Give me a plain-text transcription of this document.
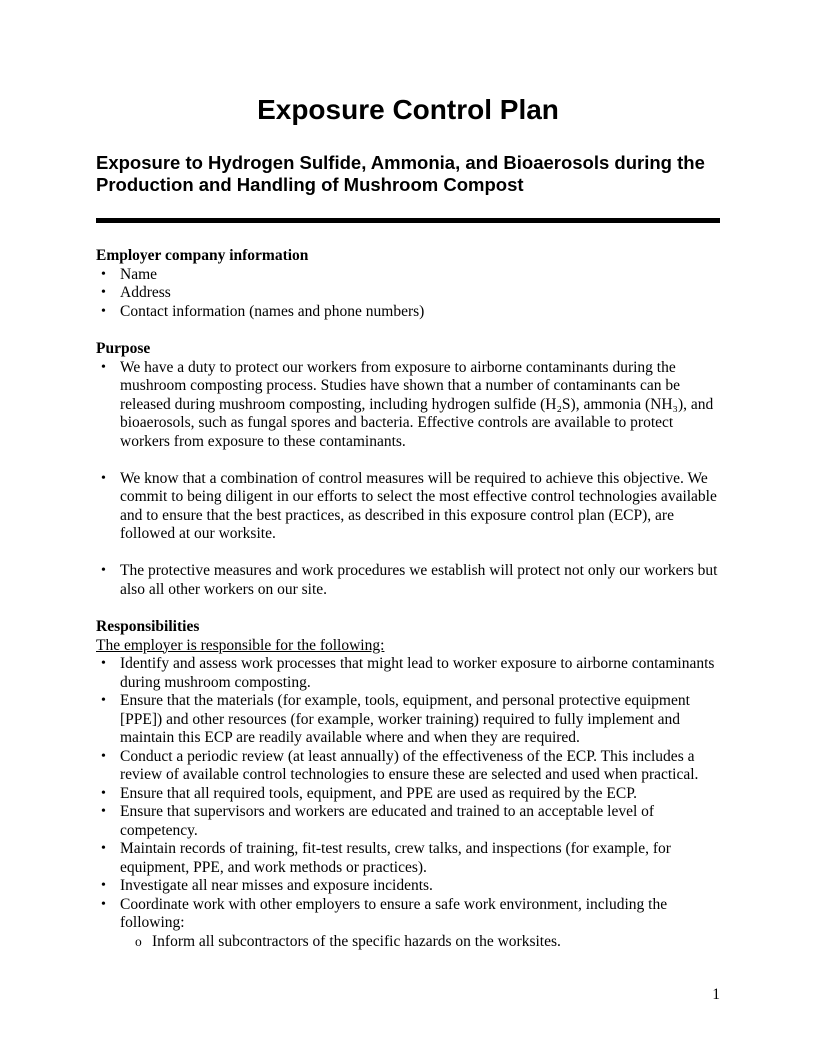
Exposure Control Plan
Exposure to Hydrogen Sulfide, Ammonia, and Bioaerosols during the Production and Handling of Mushroom Compost
Employer company information
• Name
• Address
• Contact information (names and phone numbers)
Purpose
• We have a duty to protect our workers from exposure to airborne contaminants during the mushroom composting process. Studies have shown that a number of contaminants can be released during mushroom composting, including hydrogen sulfide (H₂S), ammonia (NH₃), and bioaerosols, such as fungal spores and bacteria. Effective controls are available to protect workers from exposure to these contaminants.
• We know that a combination of control measures will be required to achieve this objective. We commit to being diligent in our efforts to select the most effective control technologies available and to ensure that the best practices, as described in this exposure control plan (ECP), are followed at our worksite.
• The protective measures and work procedures we establish will protect not only our workers but also all other workers on our site.
Responsibilities

The employer is responsible for the following:

• Identify and assess work processes that might lead to worker exposure to airborne contaminants during mushroom composting.
• Ensure that the materials (for example, tools, equipment, and personal protective equipment [PPE]) and other resources (for example, worker training) required to fully implement and maintain this ECP are readily available where and when they are required.
• Conduct a periodic review (at least annually) of the effectiveness of the ECP. This includes a review of available control technologies to ensure these are selected and used when practical.
• Ensure that all required tools, equipment, and PPE are used as required by the ECP.
• Ensure that supervisors and workers are educated and trained to an acceptable level of competency.
• Maintain records of training, fit-test results, crew talks, and inspections (for example, for equipment, PPE, and work methods or practices).
• Investigate all near misses and exposure incidents.
• Coordinate work with other employers to ensure a safe work environment, including the following:
o Inform all subcontractors of the specific hazards on the worksites.
1
